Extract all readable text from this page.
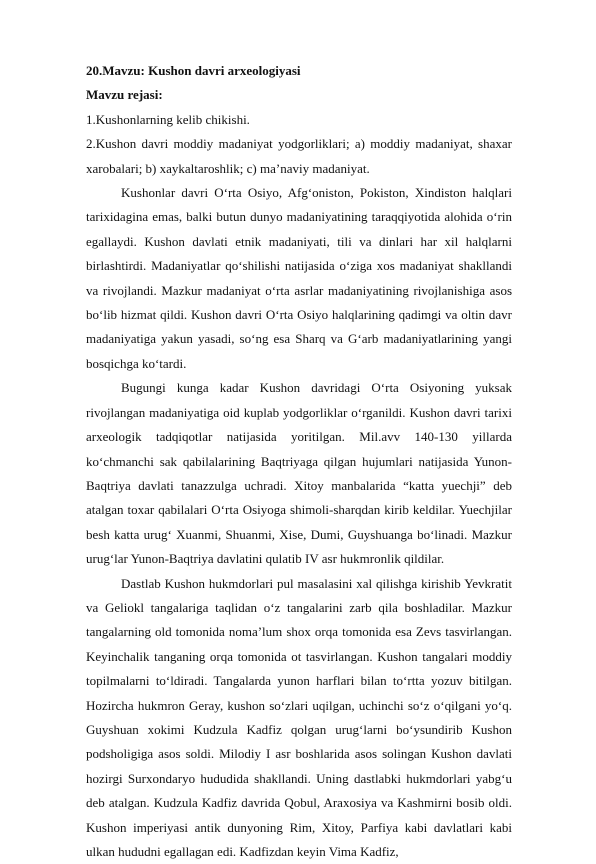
20.Mavzu: Kushon davri arxeologiyasi

Mavzu rejasi:

1.Kushonlarning kelib chikishi.

2.Kushon davri moddiy madaniyat yodgorliklari; a) moddiy madaniyat, shaxar xarobalari; b) xaykaltaroshlik; c) ma’naviy madaniyat.

Kushonlar davri O‘rta Osiyo, Afg‘oniston, Pokiston, Xindiston halqlari tarixidagina emas, balki butun dunyo madaniyatining taraqqiyotida alohida o‘rin egallaydi. Kushon davlati etnik madaniyati, tili va dinlari har xil halqlarni birlashtirdi. Madaniyatlar qo‘shilishi natijasida o‘ziga xos madaniyat shakllandi va rivojlandi. Mazkur madaniyat o‘rta asrlar madaniyatining rivojlanishiga asos bo‘lib hizmat qildi. Kushon davri O‘rta Osiyo halqlarining qadimgi va oltin davr madaniyatiga yakun yasadi, so‘ng esa Sharq va G‘arb madaniyatlarining yangi bosqichga ko‘tardi.

Bugungi kunga kadar Kushon davridagi O‘rta Osiyoning yuksak rivojlangan madaniyatiga oid kuplab yodgorliklar o‘rganildi. Kushon davri tarixi arxeologik tadqiqotlar natijasida yoritilgan. Mil.avv 140-130 yillarda ko‘chmanchi sak qabilalarining Baqtriyaga qilgan hujumlari natijasida Yunon-Baqtriya davlati tanazzulga uchradi. Xitoy manbalarida “katta yuechji” deb atalgan toxar qabilalari O‘rta Osiyoga shimoli-sharqdan kirib keldilar. Yuechjilar besh katta urug‘ Xuanmi, Shuanmi, Xise, Dumi, Guyshuanga bo‘linadi. Mazkur urug‘lar Yunon-Baqtriya davlatini qulatib IV asr hukmronlik qildilar.

Dastlab Kushon hukmdorlari pul masalasini xal qilishga kirishib Yevkratit va Geliokl tangalariga taqlidan o‘z tangalarini zarb qila boshladilar. Mazkur tangalarning old tomonida noma’lum shox orqa tomonida esa Zevs tasvirlangan. Keyinchalik tanganing orqa tomonida ot tasvirlangan. Kushon tangalari moddiy topilmalarni to‘ldiradi. Tangalarda yunon harflari bilan to‘rtta yozuv bitilgan. Hozircha hukmron Geray, kushon so‘zlari uqilgan, uchinchi so‘z o‘qilgani yo‘q. Guyshuan xokimi Kudzula Kadfiz qolgan urug‘larni bo‘ysundirib Kushon podsholigiga asos soldi. Milodiy I asr boshlarida asos solingan Kushon davlati hozirgi Surxondaryo hududida shakllandi. Uning dastlabki hukmdorlari yabg‘u deb atalgan. Kudzula Kadfiz davrida Qobul, Araxosiya va Kashmirni bosib oldi. Kushon imperiyasi antik dunyoning Rim, Xitoy, Parfiya kabi davlatlari kabi ulkan hududni egallagan edi. Kadfizdan keyin Vima Kadfiz,
